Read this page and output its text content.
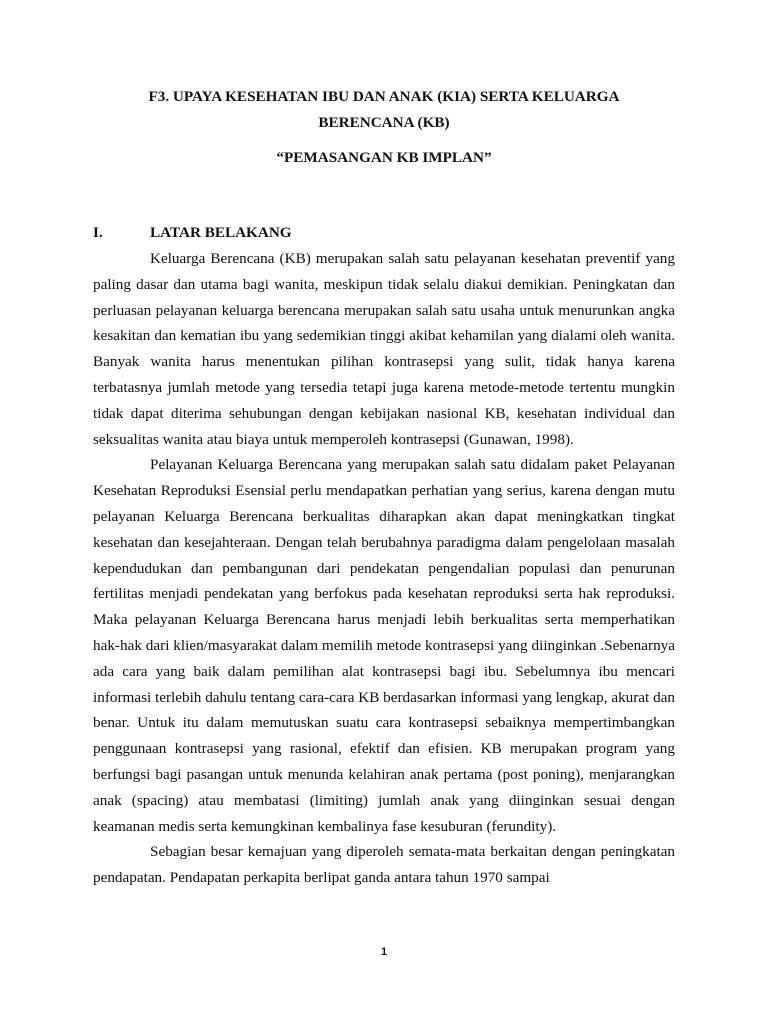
F3. UPAYA KESEHATAN IBU DAN ANAK (KIA) SERTA KELUARGA
BERENCANA (KB)
“PEMASANGAN KB IMPLAN”
I.	LATAR BELAKANG

Keluarga Berencana (KB) merupakan salah satu pelayanan kesehatan preventif yang paling dasar dan utama bagi wanita, meskipun tidak selalu diakui demikian. Peningkatan dan perluasan pelayanan keluarga berencana merupakan salah satu usaha untuk menurunkan angka kesakitan dan kematian ibu yang sedemikian tinggi akibat kehamilan yang dialami oleh wanita. Banyak wanita harus menentukan pilihan kontrasepsi yang sulit, tidak hanya karena terbatasnya jumlah metode yang tersedia tetapi juga karena metode-metode tertentu mungkin tidak dapat diterima sehubungan dengan kebijakan nasional KB, kesehatan individual dan seksualitas wanita atau biaya untuk memperoleh kontrasepsi (Gunawan, 1998).

Pelayanan Keluarga Berencana yang merupakan salah satu didalam paket Pelayanan Kesehatan Reproduksi Esensial perlu mendapatkan perhatian yang serius, karena dengan mutu pelayanan Keluarga Berencana berkualitas diharapkan akan dapat meningkatkan tingkat kesehatan dan kesejahteraan. Dengan telah berubahnya paradigma dalam pengelolaan masalah kependudukan dan pembangunan dari pendekatan pengendalian populasi dan penurunan fertilitas menjadi pendekatan yang berfokus pada kesehatan reproduksi serta hak reproduksi. Maka pelayanan Keluarga Berencana harus menjadi lebih berkualitas serta memperhatikan hak-hak dari klien/masyarakat dalam memilih metode kontrasepsi yang diinginkan .Sebenarnya ada cara yang baik dalam pemilihan alat kontrasepsi bagi ibu. Sebelumnya ibu mencari informasi terlebih dahulu tentang cara-cara KB berdasarkan informasi yang lengkap, akurat dan benar. Untuk itu dalam memutuskan suatu cara kontrasepsi sebaiknya mempertimbangkan penggunaan kontrasepsi yang rasional, efektif dan efisien. KB merupakan program yang berfungsi bagi pasangan untuk menunda kelahiran anak pertama (post poning), menjarangkan anak (spacing) atau membatasi (limiting) jumlah anak yang diinginkan sesuai dengan keamanan medis serta kemungkinan kembalinya fase kesuburan (ferundity).

Sebagian besar kemajuan yang diperoleh semata-mata berkaitan dengan peningkatan pendapatan. Pendapatan perkapita berlipat ganda antara tahun 1970 sampai

1
